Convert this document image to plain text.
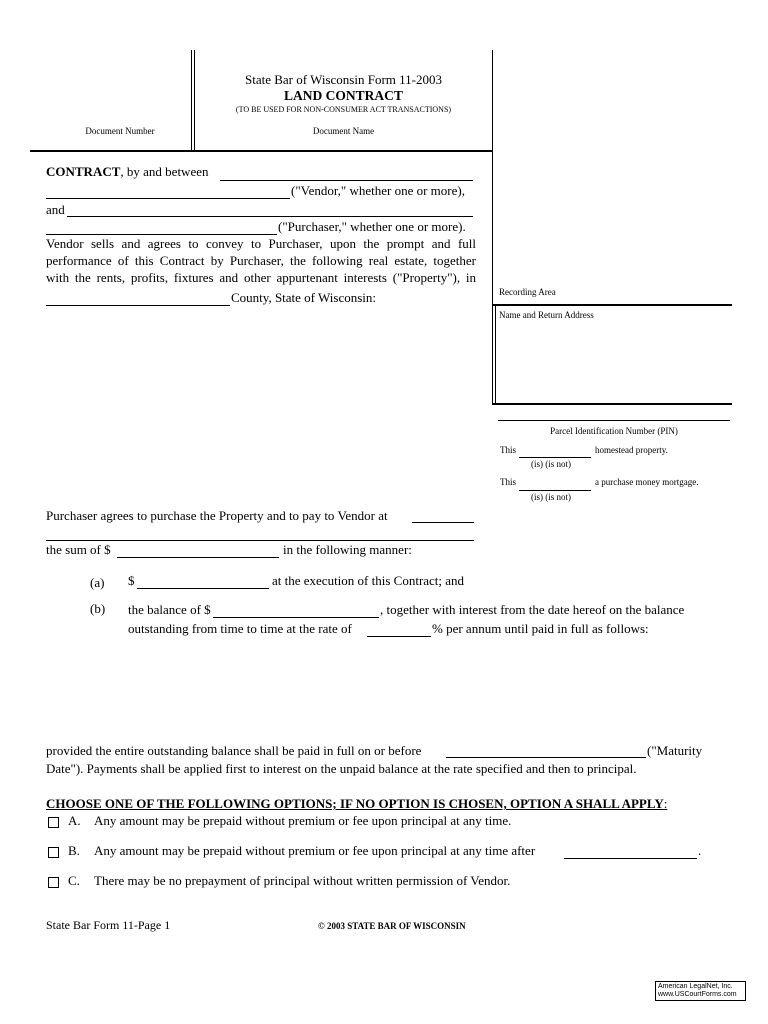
State Bar of Wisconsin Form 11-2003
LAND CONTRACT
(TO BE USED FOR NON-CONSUMER ACT TRANSACTIONS)
Document Number	Document Name
CONTRACT, by and between
("Vendor," whether one or more),
and
("Purchaser," whether one or more).
Vendor sells and agrees to convey to Purchaser, upon the prompt and full
performance of this Contract by Purchaser, the following real estate, together
with the rents, profits, fixtures and other appurtenant interests ("Property"), in
County, State of Wisconsin:	Recording Area
Name and Return Address
Parcel Identification Number (PIN)
This	homestead property.
(is) (is not)
This	a purchase money mortgage.
(is) (is not)
Purchaser agrees to purchase the Property and to pay to Vendor at
the sum of $	in the following manner:
(a) $	at the execution of this Contract; and
(b) the balance of $	, together with interest from the date hereof on the balance
outstanding from time to time at the rate of	% per annum until paid in full as follows:
provided the entire outstanding balance shall be paid in full on or before	("Maturity
Date"). Payments shall be applied first to interest on the unpaid balance at the rate specified and then to principal.
CHOOSE ONE OF THE FOLLOWING OPTIONS; IF NO OPTION IS CHOSEN, OPTION A SHALL APPLY:
A. Any amount may be prepaid without premium or fee upon principal at any time.
B. Any amount may be prepaid without premium or fee upon principal at any time after	.
C. There may be no prepayment of principal without written permission of Vendor.
State Bar Form 11-Page 1	© 2003 STATE BAR OF WISCONSIN
American LegalNet, Inc.
www.USCourtForms.com
